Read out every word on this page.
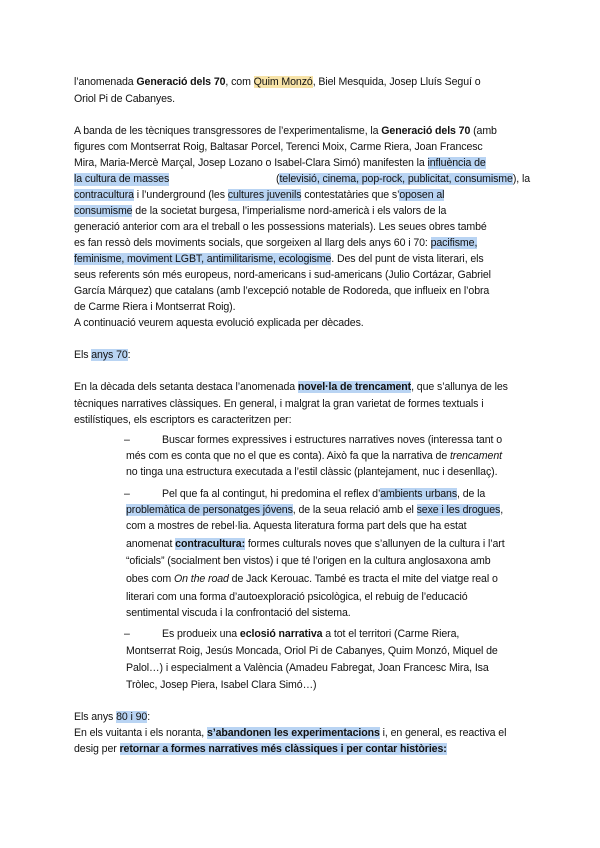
l’anomenada Generació dels 70, com Quim Monzó, Biel Mesquida, Josep Lluís Seguí o
Oriol Pi de Cabanyes.
A banda de les tècniques transgressores de l’experimentalisme, la Generació dels 70 (amb
figures com Montserrat Roig, Baltasar Porcel, Terenci Moix, Carme Riera, Joan Francesc
Mira, Maria-Mercè Marçal, Josep Lozano o Isabel-Clara Simó) manifesten la influència de
la cultura de masses	(televisió, cinema, pop-rock, publicitat, consumisme), la
contracultura i l’underground (les cultures juvenils contestatàries que s’oposen al
consumisme de la societat burgesa, l’imperialisme nord-americà i els valors de la
generació anterior com ara el treball o les possessions materials). Les seues obres també
es fan ressò dels moviments socials, que sorgeixen al llarg dels anys 60 i 70: pacifisme,
feminisme, moviment LGBT, antimilitarisme, ecologisme. Des del punt de vista literari, els
seus referents són més europeus, nord-americans i sud-americans (Julio Cortázar, Gabriel
García Márquez) que catalans (amb l’excepció notable de Rodoreda, que influeix en l’obra
de Carme Riera i Montserrat Roig).
A continuació veurem aquesta evolució explicada per dècades.
Els anys 70:
En la dècada dels setanta destaca l’anomenada novel·la de trencament, que s’allunya de les
tècniques narratives clàssiques. En general, i malgrat la gran varietat de formes textuals i
estilístiques, els escriptors es caracteritzen per:
–	Buscar formes expressives i estructures narratives noves (interessa tant o
més com es conta que no el que es conta). Això fa que la narrativa de trencament
no tinga una estructura executada a l’estil clàssic (plantejament, nuc i desenllaç).
–	Pel que fa al contingut, hi predomina el reflex d’ambients urbans, de la
problemàtica de personatges jóvens, de la seua relació amb el sexe i les drogues,
com a mostres de rebel·lia. Aquesta literatura forma part dels que ha estat
anomenat contracultura: formes culturals noves que s’allunyen de la cultura i l’art
“oficials” (socialment ben vistos) i que té l’origen en la cultura anglosaxona amb
obes com On the road de Jack Kerouac. També es tracta el mite del viatge real o
literari com una forma d’autoexploració psicològica, el rebuig de l’educació
sentimental viscuda i la confrontació del sistema.
–	Es produeix una eclosió narrativa a tot el territori (Carme Riera,
Montserrat Roig, Jesús Moncada, Oriol Pi de Cabanyes, Quim Monzó, Miquel de
Palol…) i especialment a València (Amadeu Fabregat, Joan Francesc Mira, Isa
Tròlec, Josep Piera, Isabel Clara Simó…)
Els anys 80 i 90:
En els vuitanta i els noranta, s’abandonen les experimentacions i, en general, es reactiva el
desig per retornar a formes narratives més clàssiques i per contar històries:
